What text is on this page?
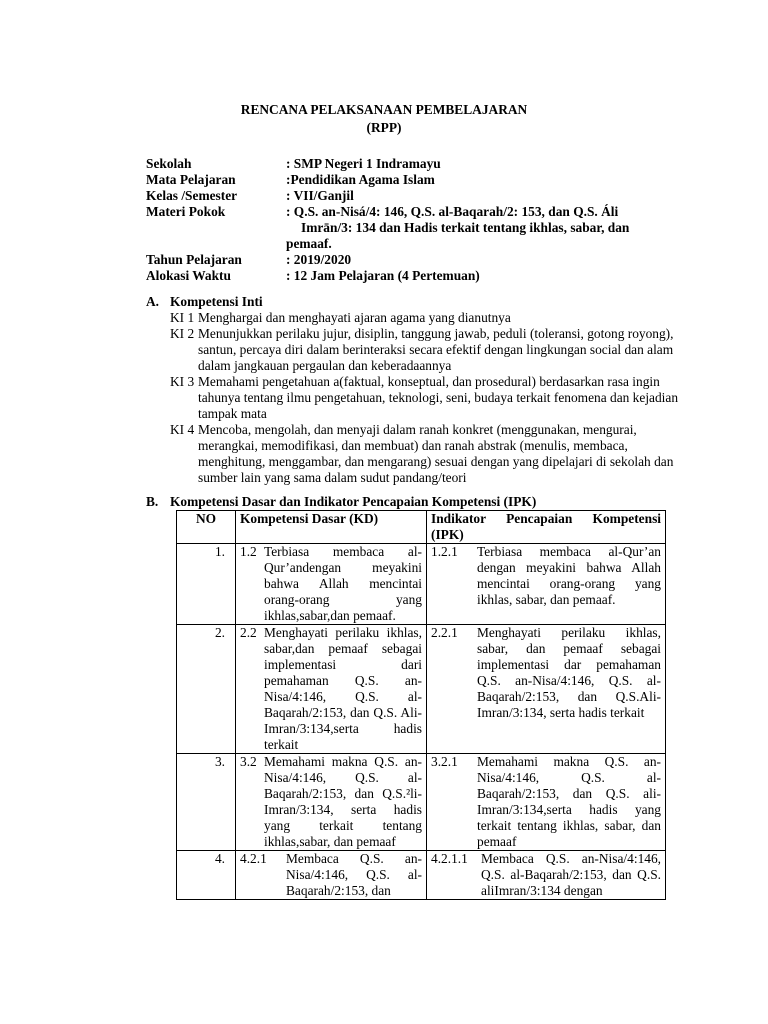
RENCANA PELAKSANAAN PEMBELAJARAN
(RPP)
Sekolah	: SMP Negeri 1 Indramayu
Mata Pelajaran	:Pendidikan Agama Islam
Kelas /Semester	: VII/Ganjil
Materi Pokok	: Q.S. an-Nisá/4: 146, Q.S. al-Baqarah/2: 153, dan Q.S. Áli
Imrān/3: 134 dan Hadis terkait tentang ikhlas, sabar, dan
pemaaf.
Tahun Pelajaran	: 2019/2020
Alokasi Waktu	: 12 Jam Pelajaran (4 Pertemuan)
A. Kompetensi Inti
KI 1 Menghargai dan menghayati ajaran agama yang dianutnya
KI 2 Menunjukkan perilaku jujur, disiplin, tanggung jawab, peduli (toleransi, gotong royong), santun, percaya diri dalam berinteraksi secara efektif dengan lingkungan social dan alam dalam jangkauan pergaulan dan keberadaannya
KI 3 Memahami pengetahuan a(faktual, konseptual, dan prosedural) berdasarkan rasa ingin tahunya tentang ilmu pengetahuan, teknologi, seni, budaya terkait fenomena dan kejadian tampak mata
KI 4 Mencoba, mengolah, dan menyaji dalam ranah konkret (menggunakan, mengurai, merangkai, memodifikasi, dan membuat) dan ranah abstrak (menulis, membaca, menghitung, menggambar, dan mengarang) sesuai dengan yang dipelajari di sekolah dan sumber lain yang sama dalam sudut pandang/teori
B. Kompetensi Dasar dan Indikator Pencapaian Kompetensi (IPK)
NO	Kompetensi Dasar (KD)	Indikator Pencapaian Kompetensi (IPK)
1.	1.2 Terbiasa membaca al-Qur’andengan meyakini bahwa Allah mencintai orang-orang yang ikhlas,sabar,dan pemaaf.	1.2.1 Terbiasa membaca al-Qur’an dengan meyakini bahwa Allah mencintai orang-orang yang ikhlas, sabar, dan pemaaf.

2.	2.2 Menghayati perilaku ikhlas, sabar,dan pemaaf sebagai implementasi dari pemahaman Q.S. an-Nisa/4:146, Q.S. al-Baqarah/2:153, dan Q.S. Ali-Imran/3:134,serta hadis terkait	2.2.1 Menghayati perilaku ikhlas, sabar, dan pemaaf sebagai implementasi dar pemahaman Q.S. an-Nisa/4:146, Q.S. al-Baqarah/2:153, dan Q.S.Ali-Imran/3:134, serta hadis terkait

3.	3.2 Memahami makna Q.S. an-Nisa/4:146, Q.S. al-Baqarah/2:153, dan Q.S.²li-Imran/3:134, serta hadis yang terkait tentang ikhlas,sabar, dan pemaaf	3.2.1 Memahami makna Q.S. an-Nisa/4:146, Q.S. al-Baqarah/2:153, dan Q.S. ali-Imran/3:134,serta hadis yang terkait tentang ikhlas, sabar, dan pemaaf

4.	4.2.1 Membaca Q.S. an-Nisa/4:146, Q.S. al-Baqarah/2:153, dan	4.2.1.1 Membaca Q.S. an-Nisa/4:146, Q.S. al-Baqarah/2:153, dan Q.S. aliImran/3:134 dengan
